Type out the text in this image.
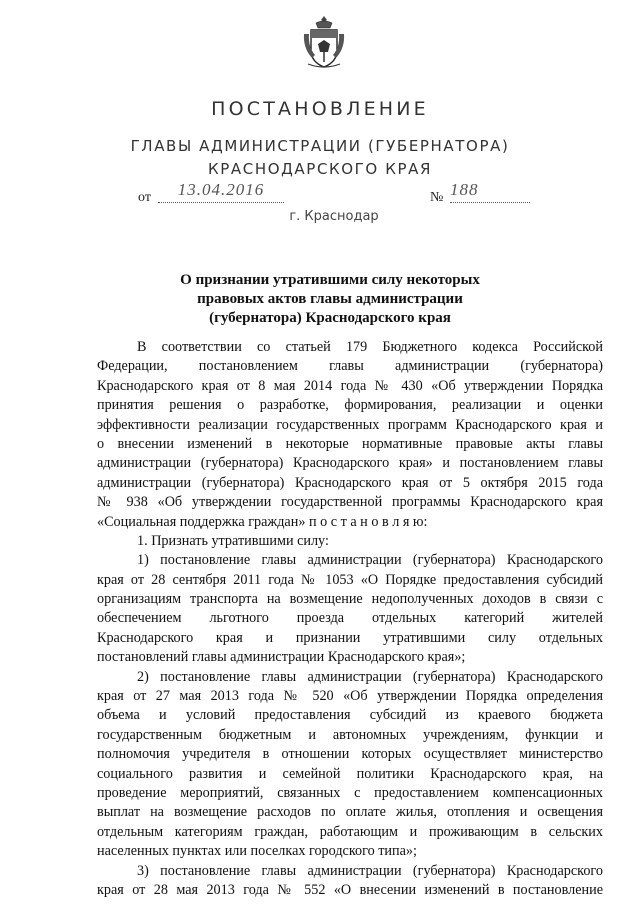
ПОСТАНОВЛЕНИЕ
ГЛАВЫ АДМИНИСТРАЦИИ (ГУБЕРНАТОРА)
КРАСНОДАРСКОГО КРАЯ
от	13.04.2016	№ 188
г. Краснодар
О признании утратившими силу некоторых
правовых актов главы администрации
(губернатора) Краснодарского края
В соответствии со статьей 179 Бюджетного кодекса Российской
Федерации, постановлением главы администрации (губернатора)
Краснодарского края от 8 мая 2014 года № 430 «Об утверждении Порядка
принятия решения о разработке, формирования, реализации и оценки
эффективности реализации государственных программ Краснодарского края и
о внесении изменений в некоторые нормативные правовые акты главы
администрации (губернатора) Краснодарского края» и постановлением главы
администрации (губернатора) Краснодарского края от 5 октября 2015 года
№ 938 «Об утверждении государственной программы Краснодарского края
«Социальная поддержка граждан» п о с т а н о в л я ю:
1. Признать утратившими силу:
1) постановление главы администрации (губернатора) Краснодарского
края от 28 сентября 2011 года № 1053 «О Порядке предоставления субсидий
организациям транспорта на возмещение недополученных доходов в связи с
обеспечением льготного проезда отдельных категорий жителей
Краснодарского края и признании утратившими силу отдельных
постановлений главы администрации Краснодарского края»;
2) постановление главы администрации (губернатора) Краснодарского
края от 27 мая 2013 года № 520 «Об утверждении Порядка определения
объема и условий предоставления субсидий из краевого бюджета
государственным бюджетным и автономных учреждениям, функции и
полномочия учредителя в отношении которых осуществляет министерство
социального развития и семейной политики Краснодарского края, на
проведение мероприятий, связанных с предоставлением компенсационных
выплат на возмещение расходов по оплате жилья, отопления и освещения
отдельным категориям граждан, работающим и проживающим в сельских
населенных пунктах или поселках городского типа»;
3) постановление главы администрации (губернатора) Краснодарского
края от 28 мая 2013 года № 552 «О внесении изменений в постановление
